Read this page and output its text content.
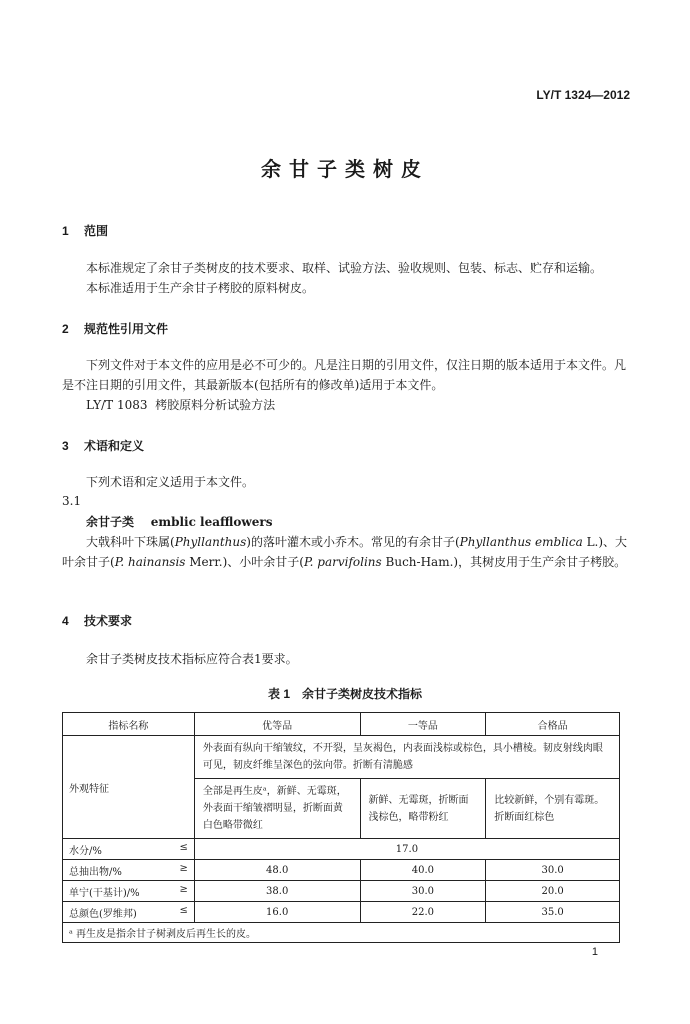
LY/T 1324—2012
余甘子类树皮
1 范围
本标准规定了余甘子类树皮的技术要求、取样、试验方法、验收规则、包装、标志、贮存和运输。
本标准适用于生产余甘子栲胶的原料树皮。
2 规范性引用文件
下列文件对于本文件的应用是必不可少的。凡是注日期的引用文件，仅注日期的版本适用于本文件。凡是不注日期的引用文件，其最新版本(包括所有的修改单)适用于本文件。
LY/T 1083 栲胶原料分析试验方法
3 术语和定义
下列术语和定义适用于本文件。
3.1
余甘子类 emblic leafflowers
大戟科叶下珠属(Phyllanthus)的落叶灌木或小乔木。常见的有余甘子(Phyllanthus emblica L.)、大叶余甘子(P. hainansis Merr.)、小叶余甘子(P. parvifolins Buch-Ham.)，其树皮用于生产余甘子栲胶。
4 技术要求
余甘子类树皮技术指标应符合表1要求。
表 1　余甘子类树皮技术指标
指标名称	优等品	一等品	合格品
外观特征	外表面有纵向干缩皱纹，不开裂，呈灰褐色，内表面浅棕或棕色，具小槽棱。韧皮射线肉眼可见，韧皮纤维呈深色的弦向带。折断有清脆感		
	全部是再生皮ᵃ，新鲜、无霉斑，外表面干缩皱褶明显，折断面黄白色略带微红	新鲜、无霉斑，折断面浅棕色，略带粉红	比较新鲜，个别有霉斑。折断面红棕色
水分/% ≤	17.0		
总抽出物/% ≥	48.0	40.0	30.0
单宁(干基计)/% ≥	38.0	30.0	20.0
总颜色(罗维邦) ≤	16.0	22.0	35.0
ᵃ 再生皮是指余甘子树剥皮后再生长的皮。			
1
